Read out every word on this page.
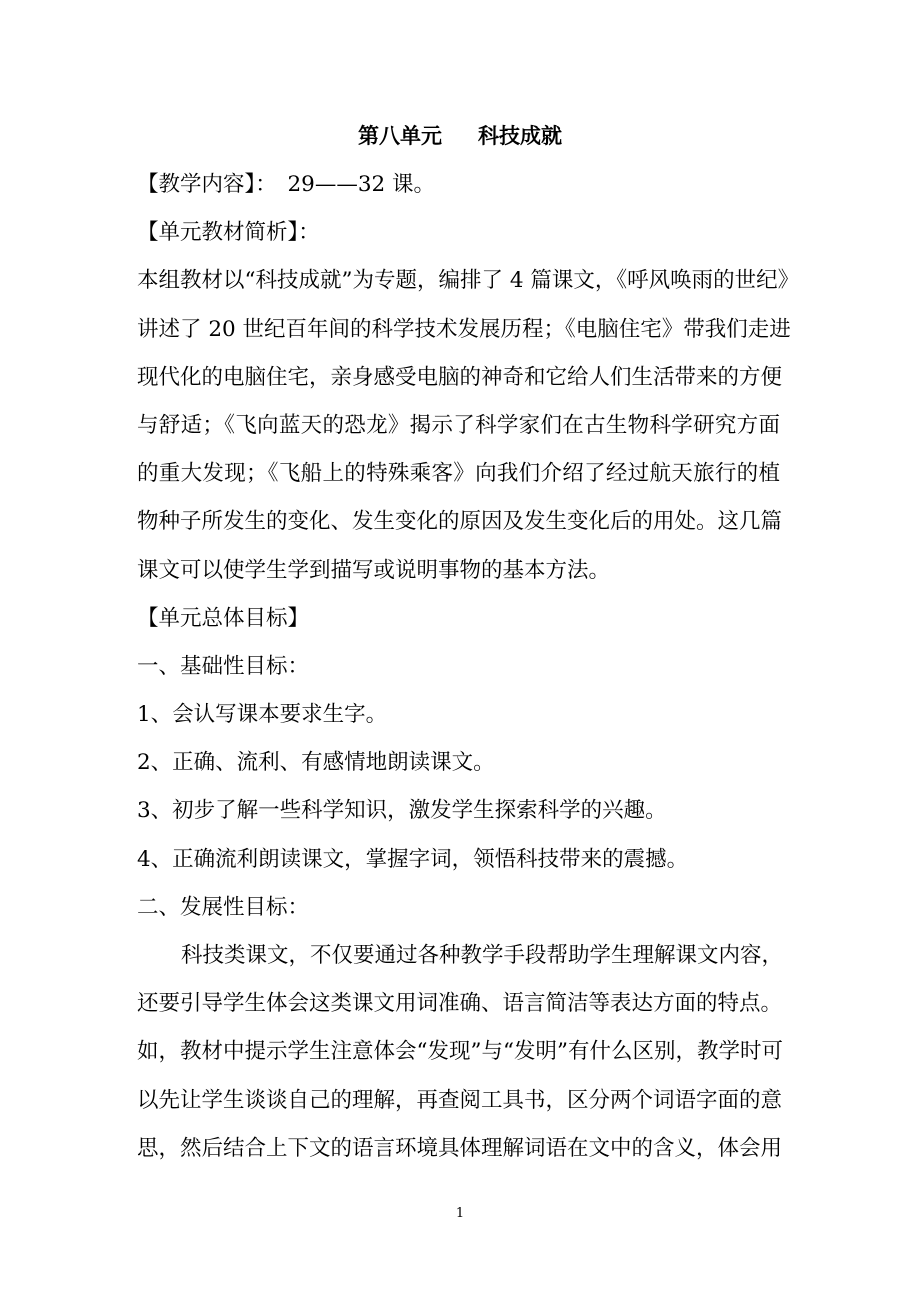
第八单元 科技成就
【教学内容】：　29——32 课。
【单元教材简析】：
本组教材以“科技成就”为专题，编排了 4 篇课文，《呼风唤雨的世纪》
讲述了 20 世纪百年间的科学技术发展历程；《电脑住宅》带我们走进
现代化的电脑住宅，亲身感受电脑的神奇和它给人们生活带来的方便
与舒适；《飞向蓝天的恐龙》揭示了科学家们在古生物科学研究方面
的重大发现；《飞船上的特殊乘客》向我们介绍了经过航天旅行的植
物种子所发生的变化、发生变化的原因及发生变化后的用处。这几篇
课文可以使学生学到描写或说明事物的基本方法。
【单元总体目标】
一、基础性目标：
1、会认写课本要求生字。
2、正确、流利、有感情地朗读课文。
3、初步了解一些科学知识，激发学生探索科学的兴趣。
4、正确流利朗读课文，掌握字词，领悟科技带来的震撼。
二、发展性目标：
科技类课文，不仅要通过各种教学手段帮助学生理解课文内容，
还要引导学生体会这类课文用词准确、语言简洁等表达方面的特点。
如，教材中提示学生注意体会“发现”与“发明”有什么区别，教学时可
以先让学生谈谈自己的理解，再查阅工具书，区分两个词语字面的意
思，然后结合上下文的语言环境具体理解词语在文中的含义，体会用
1
